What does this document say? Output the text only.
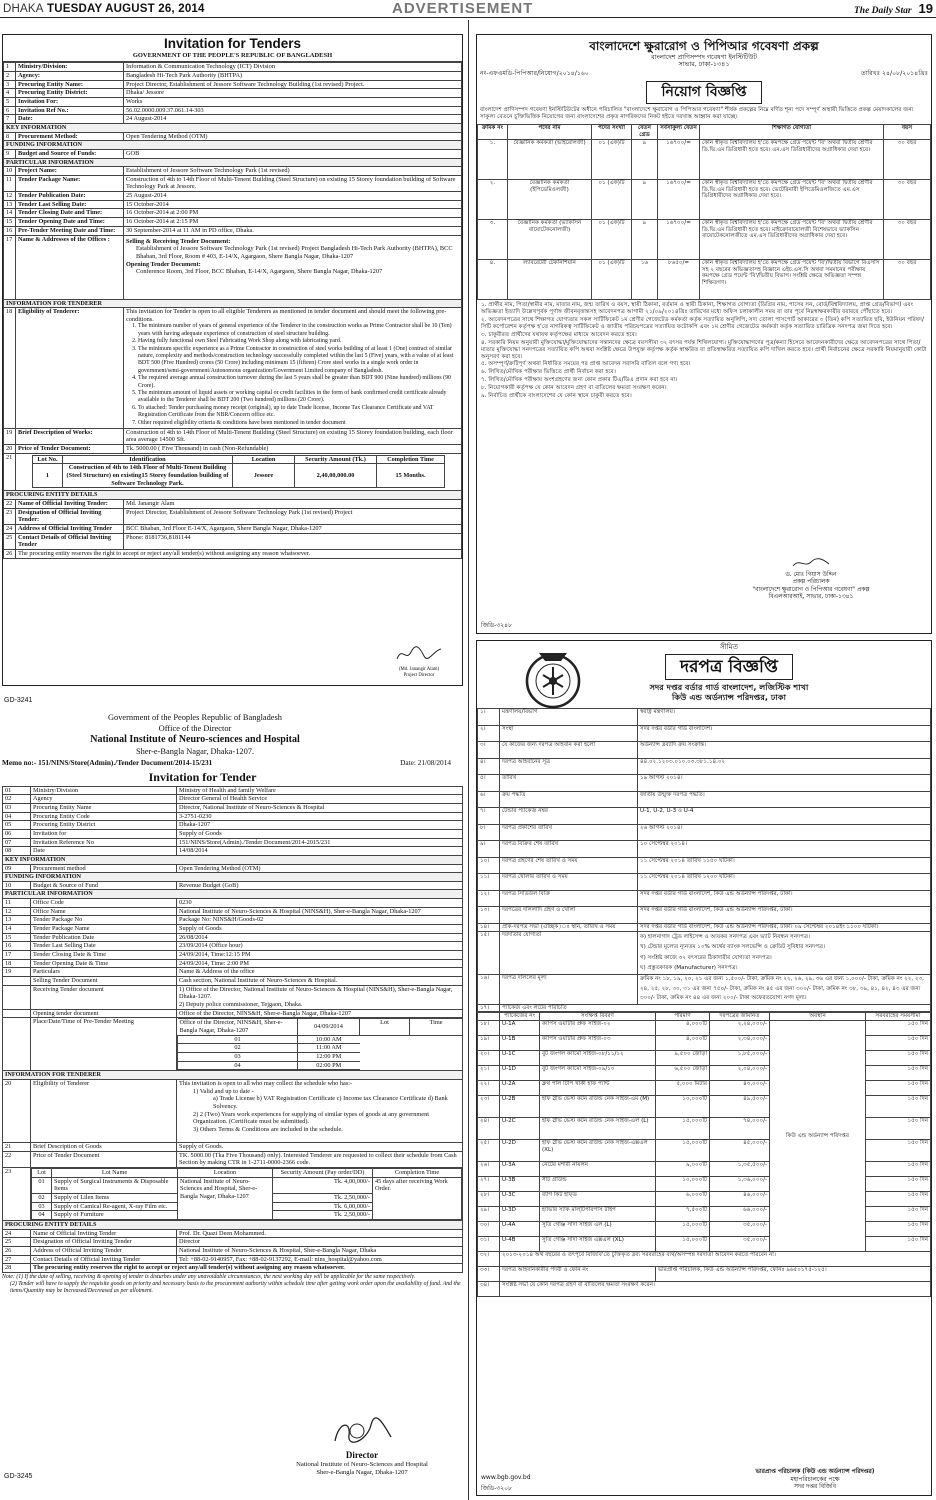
DHAKA TUESDAY AUGUST 26, 2014	ADVERTISEMENT	The Daily Star 19
Invitation for Tenders
GOVERNMENT OF THE PEOPLE'S REPUBLIC OF BANGLADESH
1	Ministry/Division:	Information & Communication Technology (ICT) Division
2	Agency:	Bangladesh Hi-Tech Park Authority (BHTPA)
3	Procuring Entity Name:	Project Director, Establishment of Jessore Software Technology Building (1st revised) Project.
4	Procuring Entity District:	Dhaka/ Jessore
5	Invitation For:	Works
6	Invitation Ref No.:	56.02.0000.009.37.061.14-303
7	Date:	24 August-2014
KEY INFORMATION
8	Procurement Method:	Open Tendering Method (OTM)
FUNDING INFORMATION
9	Budget and Source of Funds:	GOB
PARTICULAR INFORMATION
10	Project Name:	Establishment of Jessore Software Technology Park (1st revised)
11	Tender Package Name:	Construction of 4th to 14th Floor of Multi-Tenent Building (Steel Structure) on existing 15 Storey foundation building of Software Technology Park at Jessore.
12	Tender Publication Date:	25 August-2014
13	Tender Last Selling Date:	15 October-2014
14	Tender Closing Date and Time:	16 October-2014 at 2:00 PM
15	Tender Opening Date and Time:	16 October-2014 at 2:15 PM
16	Pre-Tender Meeting Date and Time:	30 September-2014 at 11 AM in PD office, Dhaka.
17	Name & Addresses of the Offices :	Selling & Receiving Tender Document:
Establishment of Jessore Software Technology Park (1st revised) Project Bangladesh Hi-Tech Park Authority (BHTPA), BCC Bhaban, 3rd Floor, Room # 403, E-14/X, Agargaon, Shere Bangla Nagar, Dhaka-1207
Opening Tender Document:
Conference Room, 3rd Floor, BCC Bhaban, E-14/X, Agargaon, Shere Bangla Nagar, Dhaka-1207

INFORMATION FOR TENDERER
18	Eligibility of Tenderer:	This invitation for Tender is open to all eligible Tenderers as mentioned in tender document and should meet the following pre-conditions.
1. The minimum number of years of general experience of the Tenderer in the construction works as Prime Contractor shall be 10 (Ten) years with having adequate experience of construction of steel structure building.
2. Having fully functional own Steel Fabricating Work Shop along with fabricating yard.
3. The minimum specific experience as a Prime Contractor in construction of steel works building of at least 1 (One) contract of similar nature, complexity and methods/construction technology successfully completed within the last 5 (Five) years, with a value of at least BDT 500 (Five Hundred) crores (50 Crore) including minimum 15 (fifteen) Crore steel works in a single work order in government/semi-government/Autonomous organization/Government Limited company of Bangladesh.
4. The required average annual construction turnover during the last 5 years shall be greater than BDT 900 (Nine hundred) millions (90 Crore).
5. The minimum amount of liquid assets or working capital or credit facilities in the form of bank confirmed credit certificate already available to the Tenderer shall be BDT 200 (Two hundred) millions (20 Crore).
6. To attached: Tender purchasing money receipt (original), up to date Trade license, Income Tax Clearance Certificate and VAT Registration Certificate from the NBR/Concern office etc.
7. Other required eligibility criteria & conditions have been mentioned in tender document

19	Brief Description of Works:	Construction of 4th to 14th Floor of Multi-Tenent Building (Steel Structure) on existing 15 Storey foundation building, each floor area average 14500 Sft.
20	Price of Tender Document:	Tk. 5000.00 ( Five Thousand) in cash (Non-Refundable)
21		Lot No.	Identification	Location	Security Amount (Tk.)	Completion Time
1	Construction of 4th to 14th Floor of Multi-Tenent Building (Steel Structure) on existing15 Storey foundation building of Software Technology Park.	Jessore	2,40,00,000.00	15 Months.

PROCURING ENTITY DETAILS
22	Name of Official Inviting Tender:	Md. Janangir Alam
23	Designation of Official Inviting Tender:	Project Director, Establishment of Jessore Software Technology Park (1st revised) Project
24	Address of Official Inviting Tender	BCC Bhaban, 3rd Floor E-14/X, Agargaon, Shere Bangla Nagar, Dhaka-1207
25	Contact Details of Official Inviting Tender	Phone: 8181736,8181144
26	The procuring entity reserves the right to accept or reject any/all tender(s) without assigning any reason whatsoever.
(Md. Janangir Alam)
Project Director
GD-3241
Government of the Peoples Republic of Bangladesh
Office of the Director
National Institute of Neuro-sciences and Hospital
Sher-e-Bangla Nagar, Dhaka-1207.
Memo no:- 151/NINS/Store(Admin)./Tender Document/2014-15/231	Date: 21/08/2014
Invitation for Tender
01	Ministry/Division	Ministry of Health and family Welfare
02	Agency	Director General of Health Service
03	Procuring Entity Name	Director, National Institute of Neuro-Sciences & Hospital
04	Procuring Entity Code	3-2751-0230
05	Procuring Entity District	Dhaka-1207
06	Invitation for	Supply of Goods
07	Invitation Reference No	151/NINS/Store(Admin)./Tender Document/2014-2015/231
08	Date	14/08/2014
KEY INFORMATION
09	Procurement method	Open Tendering Method (OTM)
FUNDING INFORMATION
10	Budget & Source of Fund	Revenue Budget (GoB)
PARTICULAR INFORMATION
11	Office Code	0230
12	Office Name	National Institute of Neuro-Sciences & Hospital (NINS&H), Sher-e-Bangla Nagar, Dhaka-1207
13	Tender Package No	Package No: NINS&H/Goods-02
14	Tender Package Name	Supply of Goods
15	Tender Publication Date	26/08/2014
16	Tender Last Selling Date	23/09/2014 (Office hour)
17	Tender Closing Date & Time	24/09/2014, Time:12:15 PM
18	Tender Opening Date & Time	24/09/2014, Time: 2:00 PM
19	Particulars	Name & Address of the office
	Selling Tender Document	Cash section, National Institute of Neuro-Sciences & Hospital.
	Receiving Tender document	1) Office of the Director, National Institute of Neuro-Sciences & Hospital (NINS&H), Sher-e-Bangla Nagar, Dhaka-1207.
2) Deputy police commissioner, Tejgaon, Dhaka.

	Opening tender document	Office of the Director, NINS&H, Sher-e-Bangla Nagar, Dhaka-1207
	Place/Date/Time of Pre-Tender Meeting		Office of the Director, NINS&H, Sher-e-Bangla Nagar, Dhaka-1207	04/09/2014	Lot	Time
01	10:00 AM
02	11:00 AM
03	12:00 PM
04	02:00 PM

INFORMATION FOR TENDERER
20	Eligibility of Tenderer	This invitation is open to all who may collect the schedule who has:-
1) Valid and up to date -
a) Trade License b) VAT Registration Certificate c) Income tax Clearance Certificate d) Bank Solvency.
2) 2 (Two) Years work experiences for supplying of similar types of goods at any government Organization. (Certificate must be submitted).
3) Others Terms & Conditions are included in the schedule.

21	Brief Description of Goods	Supply of Goods.
22	Price of Tender Document	TK. 5000.00 (Tka Five Thousand) only). Interested Tenderer are requested to collect their schedule from Cash Section by making CTR in 1-2711-0000-2366 code.
23		Lot	Lot Name	Location	Security Amount (Pay order/DD)	Completion Time
01	Supply of Surgical Instruments & Disposable Items	National Institute of Neuro-Sciences and Hospital, Sher-e-Bangla Nagar, Dhaka-1207	Tk. 4,00,000/-	45 days after receiving Work Order.
02	Supply of Lilen Items	Tk. 2,50,000/-
03	Supply of Camical Re-agent, X-ray Film etc.	Tk. 6,00,000/-
04	Supply of Furniture	Tk. 2,50,000/-

PROCURING ENTITY DETAILS
24	Name of Official Inviting Tender	Prof. Dr. Quazi Deen Mohammed.
25	Designation of Official Inviting Tender	Director
26	Address of Official Inviting Tender	National Institute of Neuro-Sciences & Hospital, Sher-e-Bangla Nagar, Dhaka
27	Contact Details of Official Inviting Tender	Tel: +88-02-9140957, Fax: +88-02-9137292, E-mail: nins_hospital@yahoo.com
28	The procuring entity reserves the right to accept or reject any/all tender(s) without assigning any reason whatsoever.
Note: (1) If the date of selling, receiving & opening of tender is disturbes under any unavoidable circumstances, the next working day will be applicable for the same respectively.
(2) Tender will have to supply the requisite goods on priority and necessary basis to the procurement authority within schedule time after getting work order upon the availability of fund. And the items/Quantity may be Increased/Decreased as per allotment.
Director
National Institute of Neuro-Sciences and Hospital
Sher-e-Bangla Nagar, Dhaka-1207
GD-3245
বাংলাদেশে ক্ষুরারোগ ও পিপিআর গবেষণা প্রকল্প
বাংলাদেশ প্রাণিসম্পদ গবেষণা ইনস্টিটিউট
সাভার, ঢাকা-১৩৪১
নং-এফএমডি-পিপিআর/নিয়োগ/২০১৪/১৬০	তারিখঃ ২৪/০৮/২০১৪খ্রিঃ
নিয়োগ বিজ্ঞপ্তি

বাংলাদেশ প্রাণিসম্পদ গবেষণা ইনস্টিটিউটের অধীনে পরিচালিত "বাংলাদেশে ক্ষুরারোগ ও পিপিআর গবেষণা" শীর্ষক প্রকল্পের নিম্নে বর্ণিত শূন্য পদে সম্পূর্ণ অস্থায়ী ভিত্তিতে প্রকল্প মেয়াদকালের জন্য সাকুল্য বেতনে চুক্তিভিত্তিক নিয়োগের জন্য বাংলাদেশের প্রকৃত নাগরিকদের নিকট হইতে দরখাস্ত আহ্বান করা যাচ্ছে।

ক্রমিক নং	পদের নাম	পদের সংখ্যা	বেতন গ্রেড	সর্বসাকুল্য বেতন	শিক্ষাগত যোগ্যতা	বয়স
১.	বৈজ্ঞানিক কর্মকর্তা (ভাইরোলজী)	০১ (এক)টি	৯	১৬৭০০/=	কোন স্বীকৃত বিশ্ববিদ্যালয় হ'তে কমপক্ষে গ্রেড পয়েন্ট 'বি' অথবা দ্বিতীয় শ্রেণীর ডি.ভি.এম ডিগ্রিধারী হতে হবে। এম.এস ডিগ্রিধারীদের অগ্রাধিকার দেয়া হবে।	৩০ বছর
২.	বৈজ্ঞানিক কর্মকর্তা (ইপিডেমিওলজী)	০১ (এক)টি	৯	১৬৭০০/=	কোন স্বীকৃত বিশ্ববিদ্যালয় হ'তে কমপক্ষে গ্রেড পয়েন্ট 'বি' অথবা দ্বিতীয় শ্রেণীর ডি.ভি.এম ডিগ্রিধারী হতে হবে। ভেটেরিনারী ইপিডেমিওলজিতে এম.এস ডিগ্রিধারীদের অগ্রাধিকার দেয়া হবে।	৩০ বছর
৩.	বৈজ্ঞানিক কর্মকর্তা (ভ্যাকসিন বায়োটেকনোলজী)	০১ (এক)টি	৯	১৬৭০০/=	কোন স্বীকৃত বিশ্ববিদ্যালয় হ'তে কমপক্ষে গ্রেড পয়েন্ট 'বি' অথবা দ্বিতীয় শ্রেণীর ডি.ভি.এম ডিগ্রিধারী হতে হবে। মাইক্রোবায়োলজী বিশেষভাবে ভ্যাকসিন বায়োটেকনোলজীতে এম.এস ডিগ্রিধারীদের অগ্রাধিকার দেয়া হবে।	৩০ বছর
৪.	ল্যাবরেটরী টেকনিশিয়ান	০১ (এক)টি	১৬	৮৬৫০/=	কোন স্বীকৃত বিশ্ববিদ্যালয় হ'তে কমপক্ষে গ্রেড পয়েন্ট 'বি'/দ্বিতীয় বিভাগে বিএসসি সহ ২ বছরের অভিজ্ঞতাসহ বিজ্ঞানে এইচ.এস.সি অথবা সমমানের পরীক্ষায় কমপক্ষে গ্রেড পয়েন্ট 'বি'/দ্বিতীয় বিভাগ। সংশ্লিষ্ট ক্ষেত্রে অভিজ্ঞতা সম্পন্ন শিক্ষিতগণ।	৩০ বছর

১. প্রার্থীর নাম, পিতা/স্বামীর নাম, মাতার নাম, জন্ম তারিখ ও বয়স, স্থায়ী ঠিকানা, বর্তমান ও স্থায়ী ঠিকানা, শিক্ষাগত যোগ্যতা (ডিগ্রির নাম, পাসের সন, বোর্ড/বিশ্ববিদ্যালয়, প্রাপ্ত গ্রেড/বিভাগ) এবং অভিজ্ঞতা ইত্যাদি উল্লেখপূর্বক পূর্ণাঙ্গ জীবনবৃত্তান্তসহ আবেদনপত্র আগামী ২১/০৯/২০১৪খ্রিঃ তারিখের মধ্যে অফিস চলাকালীন সময় বা তার পূর্বে নিম্নস্বাক্ষরকারীর বরাবরে পৌঁছাতে হবে।

২. আবেদনপত্রের সাথে শিক্ষাগত যোগ্যতার সকল সার্টিফিকেট ১ম শ্রেণীর গেজেটেড কর্মকর্তা কর্তৃক সত্যায়িত অনুলিপি, সদ্য তোলা পাসপোর্ট আকারের ৩ (তিন) কপি সত্যায়িত ছবি, ইউনিয়ন পরিষদ/সিটি কর্পোরেশন কর্তৃপক্ষ হ'তে নাগরিকত্ব সার্টিফিকেট ও জাতীয় পরিচয়পত্রের সত্যায়িত ফটোকপি এবং ১ম শ্রেণীর গেজেটেড কর্মকর্তা কর্তৃক সত্যায়িত চারিত্রিক সনদপত্র জমা দিতে হবে।

৩. চাকুরীরত প্রার্থীদের যথাযথ কর্তৃপক্ষের মাধ্যমে আবেদন করতে হবে।

৪. সরকারি নিয়ম অনুযায়ী মুক্তিযোদ্ধা/মুক্তিযোদ্ধাদের সন্তানদের ক্ষেত্রে বয়সসীমা ৩২ বৎসর পর্যন্ত শিথিলযোগ্য। মুক্তিযোদ্ধাগণের পুত্র/কন্যা হিসেবে আবেদনকারীদের ক্ষেত্রে আবেদনপত্রের সাথে পিতা/মাতার মুক্তিযোদ্ধা সনদপত্রের সত্যায়িত কপি অথবা সংশ্লিষ্ট ক্ষেত্রে উপযুক্ত কর্তৃপক্ষ কর্তৃক স্বাক্ষরিত বা প্রতিস্বাক্ষরিত সত্যায়িত কপি দাখিল করতে হবে। প্রার্থী নির্বাচনের ক্ষেত্রে সরকারি নিয়মানুযায়ী কোটা অনুসরণ করা হবে।

৫. অসম্পূর্ণ/ক্রটিপূর্ণ অথবা নির্ধারিত সময়ের পর প্রাপ্ত আবেদন সরাসরি বাতিল বলে গণ্য হবে।

৬. লিখিত/মৌখিক পরীক্ষার ভিত্তিতে প্রার্থী নির্বাচন করা হবে।

৭. লিখিত/মৌখিক পরীক্ষায় অংশগ্রহণের জন্য কোন প্রকার টিএ/ডিএ প্রদান করা হবে না।

৮. নিয়োগকারী কর্তৃপক্ষ যে কোন আবেদন গ্রহণ বা বাতিলের ক্ষমতা সংরক্ষণ করেন।

৯. নির্বাচিত প্রার্থীকে বাংলাদেশের যে কোন স্থানে চাকুরী করতে হবে।

ড. মোঃ গিয়াস উদ্দিন
প্রকল্প পরিচালক
"বাংলাদেশে ক্ষুরারোগ ও পিপিআর গবেষণা" প্রকল্প
বিএলআরআই, সাভার, ঢাকা-১৩৪১
জিডি-৩২৪৮
সীমিত
দরপত্র বিজ্ঞপ্তি
সদর দপ্তর বর্ডার গার্ড বাংলাদেশ, লজিস্টিক শাখা
কিউ এন্ড অর্ডন্যান্স পরিদপ্তর, ঢাকা
১।	মন্ত্রণালয়/বিভাগ	স্বরাষ্ট্র মন্ত্রণালয়।
২।	সংস্থা	সদর দপ্তর বর্ডার গার্ড বাংলাদেশ।
৩।	যে কাজের জন্য দরপত্র আহবান করা হলো	অর্ডন্যান্স দ্রব্যাদি ক্রয় সংক্রান্ত।
৪।	দরপত্র আহবানের সূত্র	৪৪.০২.১২০৩.০১০.০৩.৩৮১.১৪.০২
৫।	তারিখ	১৯ আগস্ট ২০১৪।
৬।	ক্রয় পদ্ধতি	জাতীয় উন্মুক্ত দরপত্র পদ্ধতি।
৭।	টেন্ডার প্যাকেজ নম্বর	U-1, U-2, U-3 ও U-4
৮।	দরপত্র প্রকাশের তারিখ	২৬ আগস্ট ২০১৪।
৯।	দরপত্র বিক্রির শেষ তারিখ	১০ সেপ্টেম্বর ২০১৪।
১০।	দরপত্র গ্রহণের শেষ তারিখ ও সময়	১১ সেপ্টেম্বর ২০১৪ তারিখ ১১৫০ ঘটিকা।
১১।	দরপত্র খোলার তারিখ ও সময়	১১ সেপ্টেম্বর ২০১৪ তারিখ ১২০০ ঘটিকা।
১২।	দরপত্র সিডিউল বিক্রি	সদর দপ্তর বর্ডার গার্ড বাংলাদেশ, কিউ এন্ড অর্ডন্যান্স পরিদপ্তর, ঢাকা।
১৩।	দরপত্রের দলিলাদি গ্রহণ ও খোলা	সদর দপ্তর বর্ডার গার্ড বাংলাদেশ, কিউ এন্ড অর্ডন্যান্স পরিদপ্তর, ঢাকা।
১৪।	প্রাক-দরপত্র সভা (ঐচ্ছিক)ঃ স্থান, তারিখ ও সময়	সদর দপ্তর বর্ডার গার্ড বাংলাদেশ, কিউ এন্ড অর্ডন্যান্স পরিদপ্তর, ঢাকা। ০৯ সেপ্টেম্বর ২০১৪ইং ১১০০ ঘটিকা।
১৫।	দরদাতার যোগ্যতা	ক) হালনাগাদ ট্রেড লাইসেন্স ও আয়কর সনদপত্র এবং ভ্যাট নিবন্ধন সনদপত্র।
খ) টেন্ডার মূল্যের ন্যূনতম ১০% অর্থের ব্যাংক সলভেন্সি ও ক্রেডিট সুবিধার সনদপত্র।
গ) সংশ্লিষ্ট কাজে ৩২ বৎসরের ঠিকাদারীর যোগ্যতা সনদপত্র।
ঘ) প্রস্তুতকারক (Manufacturer) সনদপত্র।

১৬।	দরপত্র দলিলের মূল্য	ক্রমিক নং ১৮, ১৯, ২০, ২১ এর জন্য ১,৫০০/- টাকা, ক্রমিক নং ২২, ২৬, ২৯, ৩৬ এর জন্য ১,০০০/- টাকা, ক্রমিক নং ২২, ২৩, ২৪, ২৫, ২৮, ৩০, ৩১ এর জন্য ৭৫০/- টাকা, ক্রমিক নং ৪৫ এর জন্য ৩০০/- টাকা, ক্রমিক নং ৩৮, ৩৯, ৪১, ৪২, ৪৩ এর জন্য ৩০০/- টাকা, ক্রমিক নং ৪৪ এর জন্য ২০০/- টাকা অফেরতযোগ্য নগদ মূল্য।
১৭।	প্যাকেজ এবং লটের পরিচিতি	
	প্যাকেজের নং	সংক্ষিপ্ত বিবরণ	পরিমাণ	দরপত্রের জামানত	অবস্থান	সরবরাহের সময়সীমা
১৮।	U-1A	ক্যাপস ওয়াটার প্রুফ সাইজ-০২	৪,০০০টি	২,২৪,০০০/-	কিউ এন্ড অর্ডন্যান্স পরিদপ্তর	১৫০ দিন
১৯।	U-1B	ক্যাপস ওয়াটার প্রুফ সাইজ-০৩	৪,০০০টি	২,৩৪,০০০/-		১৫০ দিন
২০।	U-1C	বুট জংগল ক্যামো সাইজ-০৮/১১/১২	৯,৫০০ জোড়া	১,৮৫,০০০/-		১৫০ দিন
২১।	U-1D	বুট জংগল ক্যামো সাইজ-০৯/১০	৬,৫০০ জোড়া	২,০৪,০০০/-		১৫০ দিন
২২।	U-2A	ক্লথ পলি টিপি খাকী হাফ প্যান্ট	৫,০০০ মিটার	৪৩,০০০/-		১৫০ দিন
২৩।	U-2B	হাফ স্লীভ ভেস্ট কটন রাউন্ড নেক সাইজ-এম (M)	১০,০০০টি	৪৯,৫০০/-		১৫০ দিন
২৪।	U-2C	হাফ স্লীভ ভেস্ট কটন রাউন্ড নেক সাইজ-এল (L)	১৫,০০০টি	৭৪,০০০/-		১৫০ দিন
২৫।	U-2D	হাফ স্লীভ ভেস্ট কটন রাউন্ড নেক সাইজ-এক্সএল (XL)	১৫,০০০টি	৪৫,০০০/-		১৫০ দিন
২৬।	U-3A	নেটের মশারী নায়লন	৯,০০০টি	১,৩৫,৫০০/-		১৫০ দিন
২৭।	U-3B	সীট গ্রাউন্ড	১০,০০০টি	১,৩৬,০০০/-		১৫০ দিন
২৮।	U-3C	ব্যাগ কিট হাফ্ড	৬,০০০টি	৪৬,০০০/-		১৫০ দিন
২৯।	U-3D	হ্যাভার স্যাক মাল্‌টিপারপাস টাইপ	৭,৫০০টি	৬৬,০০০/-		১৫০ দিন
৩০।	U-4A	সুতি গেঞ্জি সাদা সাইজ এল (L)	১৫,০০০টি	৩৫,০০০/-		১৫০ দিন
৩১।	U-4B	সুতি গেঞ্জি সাদা সাইজ এক্সএল (XL)	১৫,০০০টি	৩৫,০০০/-		১৫০ দিন
৩২।	২০১৩-২০১৪ অর্থ বছরের ও তৎপূর্বে বিজিবি'তে চুক্তিকৃত দ্রব্য সরবরাহের ব্যর্থ/অসম্পন্ন দরদাতা আবেদন করতে পারবেন না।					
৩৩।	দরপত্র আহবানকারীর পদবী ও ফোন নং		ভারপ্রাপ্ত পরিচালক, কিউ এন্ড অর্ডন্যান্স পরিদপ্তর, ফোনঃ ৯৬৫০১৭৫-১২৫।			
৩৪।	সংশ্লিষ্ট সভা যে কোন দরপত্র গ্রহণ বা বাতিলের ক্ষমতা সংরক্ষণ করেন।					
ভারপ্রাপ্ত পরিচালক (কিউ এন্ড অর্ডন্যান্স পরিদপ্তর)
মহাপরিচালকের পক্ষে
সদর দপ্তর বিজিবি
www.bgb.gov.bd
জিডি-৩২০৮
